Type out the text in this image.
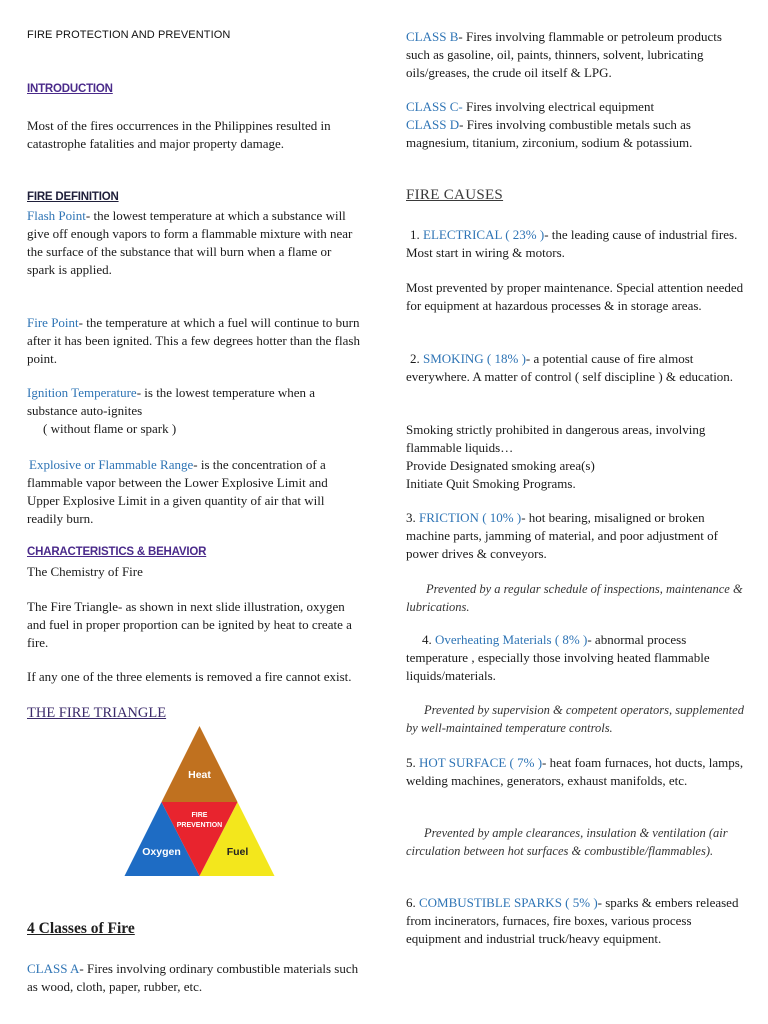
FIRE PROTECTION AND PREVENTION
INTRODUCTION

Most of the fires occurrences in the Philippines resulted in catastrophe fatalities and major property damage.

FIRE DEFINITION

Flash Point- the lowest temperature at which a substance will give off enough vapors to form a flammable mixture with near the surface of the substance that will burn when a flame or spark is applied.

Fire Point- the temperature at which a fuel will continue to burn after it has been ignited. This a few degrees hotter than the flash point.

Ignition Temperature- is the lowest temperature when a substance auto-ignites

( without flame or spark )

Explosive or Flammable Range- is the concentration of a flammable vapor between the Lower Explosive Limit and Upper Explosive Limit in a given quantity of air that will readily burn.

CHARACTERISTICS & BEHAVIOR

The Chemistry of Fire

The Fire Triangle- as shown in next slide illustration, oxygen and fuel in proper proportion can be ignited by heat to create a fire.

If any one of the three elements is removed a fire cannot exist.

THE FIRE TRIANGLE
Heat
FIRE
PREVENTION
Oxygen	Fuel
4 Classes of Fire

CLASS A- Fires involving ordinary combustible materials such as wood, cloth, paper, rubber, etc.

CLASS B- Fires involving flammable or petroleum products such as gasoline, oil, paints, thinners, solvent, lubricating oils/greases, the crude oil itself & LPG.

CLASS C- Fires involving electrical equipment

CLASS D- Fires involving combustible metals such as magnesium, titanium, zirconium, sodium & potassium.

FIRE CAUSES

1. ELECTRICAL ( 23% )- the leading cause of industrial fires. Most start in wiring & motors.

Most prevented by proper maintenance. Special attention needed for equipment at hazardous processes & in storage areas.

2. SMOKING ( 18% )- a potential cause of fire almost everywhere. A matter of control ( self discipline ) & education.

Smoking strictly prohibited in dangerous areas, involving flammable liquids…

Provide Designated smoking area(s)

Initiate Quit Smoking Programs.

3. FRICTION ( 10% )- hot bearing, misaligned or broken machine parts, jamming of material, and poor adjustment of power drives & conveyors.

Prevented by a regular schedule of inspections, maintenance & lubrications.

4. Overheating Materials ( 8% )- abnormal process temperature , especially those involving heated flammable liquids/materials.

Prevented by supervision & competent operators, supplemented by well-maintained temperature controls.

5. HOT SURFACE ( 7% )- heat foam furnaces, hot ducts, lamps, welding machines, generators, exhaust manifolds, etc.

Prevented by ample clearances, insulation & ventilation (air circulation between hot surfaces & combustible/flammables).

6. COMBUSTIBLE SPARKS ( 5% )- sparks & embers released from incinerators, furnaces, fire boxes, various process equipment and industrial truck/heavy equipment.
